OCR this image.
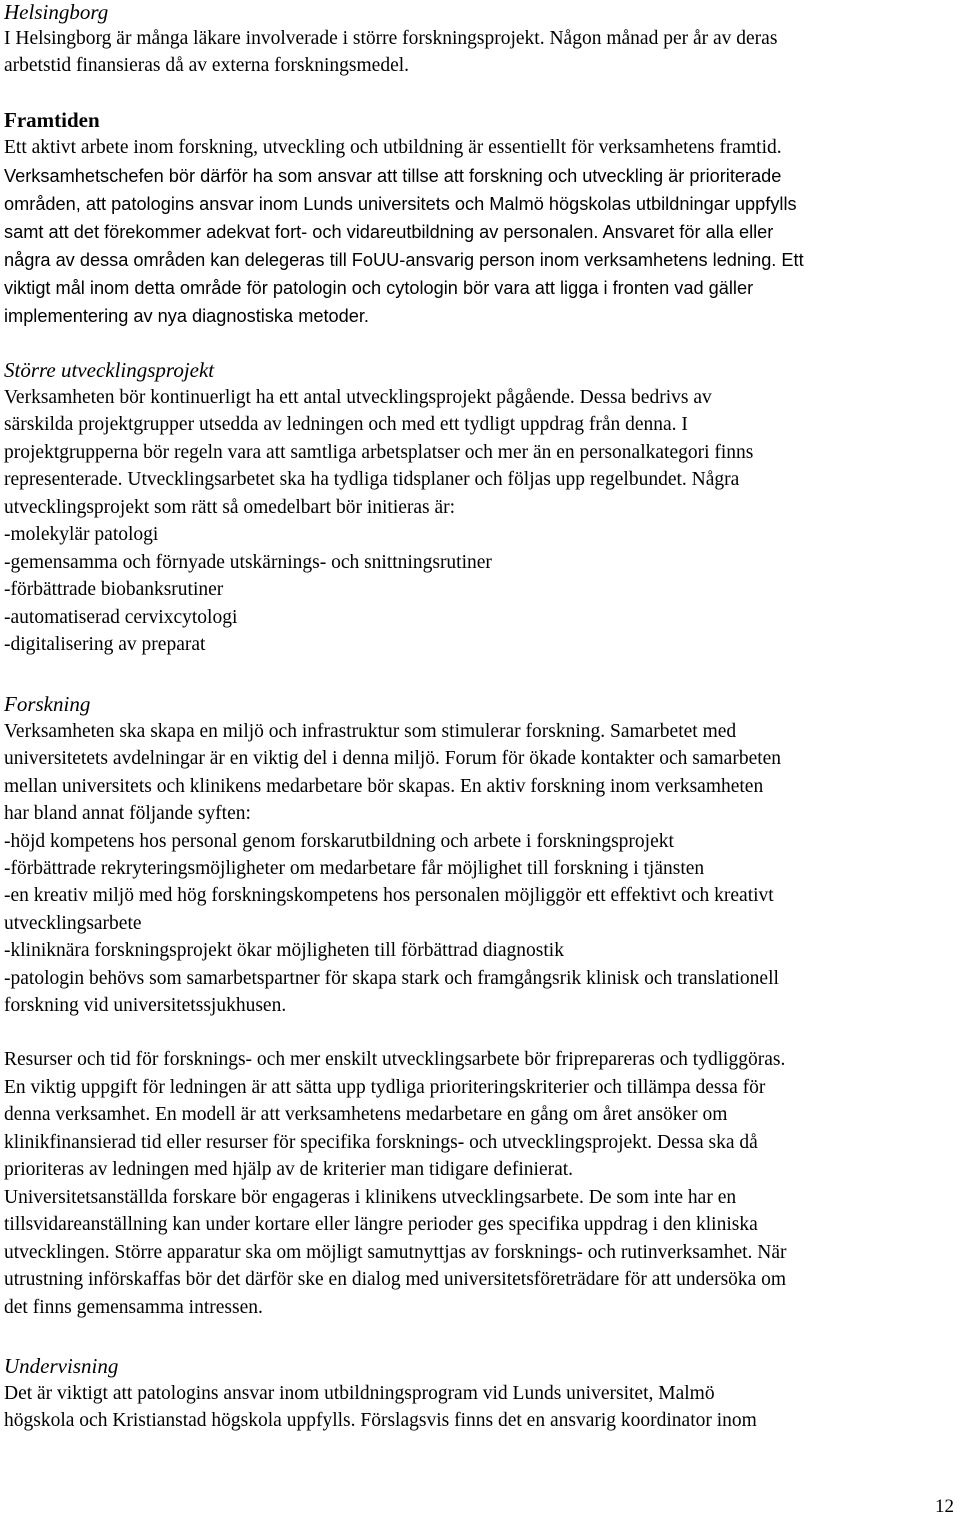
Helsingborg
I Helsingborg är många läkare involverade i större forskningsprojekt. Någon månad per år av deras
arbetstid finansieras då av externa forskningsmedel.
Framtiden
Ett aktivt arbete inom forskning, utveckling och utbildning är essentiellt för verksamhetens framtid.
Verksamhetschefen bör därför ha som ansvar att tillse att forskning och utveckling är prioriterade
områden, att patologins ansvar inom Lunds universitets och Malmö högskolas utbildningar uppfylls
samt att det förekommer adekvat fort- och vidareutbildning av personalen. Ansvaret för alla eller
några av dessa områden kan delegeras till FoUU-ansvarig person inom verksamhetens ledning. Ett
viktigt mål inom detta område för patologin och cytologin bör vara att ligga i fronten vad gäller
implementering av nya diagnostiska metoder.
Större utvecklingsprojekt
Verksamheten bör kontinuerligt ha ett antal utvecklingsprojekt pågående. Dessa bedrivs av
särskilda projektgrupper utsedda av ledningen och med ett tydligt uppdrag från denna. I
projektgrupperna bör regeln vara att samtliga arbetsplatser och mer än en personalkategori finns
representerade. Utvecklingsarbetet ska ha tydliga tidsplaner och följas upp regelbundet. Några
utvecklingsprojekt som rätt så omedelbart bör initieras är:
-molekylär patologi
-gemensamma och förnyade utskärnings- och snittningsrutiner
-förbättrade biobanksrutiner
-automatiserad cervixcytologi
-digitalisering av preparat
Forskning
Verksamheten ska skapa en miljö och infrastruktur som stimulerar forskning. Samarbetet med
universitetets avdelningar är en viktig del i denna miljö. Forum för ökade kontakter och samarbeten
mellan universitets och klinikens medarbetare bör skapas. En aktiv forskning inom verksamheten
har bland annat följande syften:
-höjd kompetens hos personal genom forskarutbildning och arbete i forskningsprojekt
-förbättrade rekryteringsmöjligheter om medarbetare får möjlighet till forskning i tjänsten
-en kreativ miljö med hög forskningskompetens hos personalen möjliggör ett effektivt och kreativt
utvecklingsarbete
-kliniknära forskningsprojekt ökar möjligheten till förbättrad diagnostik
-patologin behövs som samarbetspartner för skapa stark och framgångsrik klinisk och translationell
forskning vid universitetssjukhusen.
Resurser och tid för forsknings- och mer enskilt utvecklingsarbete bör friprepareras och tydliggöras.
En viktig uppgift för ledningen är att sätta upp tydliga prioriteringskriterier och tillämpa dessa för
denna verksamhet. En modell är att verksamhetens medarbetare en gång om året ansöker om
klinikfinansierad tid eller resurser för specifika forsknings- och utvecklingsprojekt. Dessa ska då
prioriteras av ledningen med hjälp av de kriterier man tidigare definierat.
Universitetsanställda forskare bör engageras i klinikens utvecklingsarbete. De som inte har en
tillsvidareanställning kan under kortare eller längre perioder ges specifika uppdrag i den kliniska
utvecklingen. Större apparatur ska om möjligt samutnyttjas av forsknings- och rutinverksamhet. När
utrustning införskaffas bör det därför ske en dialog med universitetsföreträdare för att undersöka om
det finns gemensamma intressen.
Undervisning
Det är viktigt att patologins ansvar inom utbildningsprogram vid Lunds universitet, Malmö
högskola och Kristianstad högskola uppfylls. Förslagsvis finns det en ansvarig koordinator inom
12
